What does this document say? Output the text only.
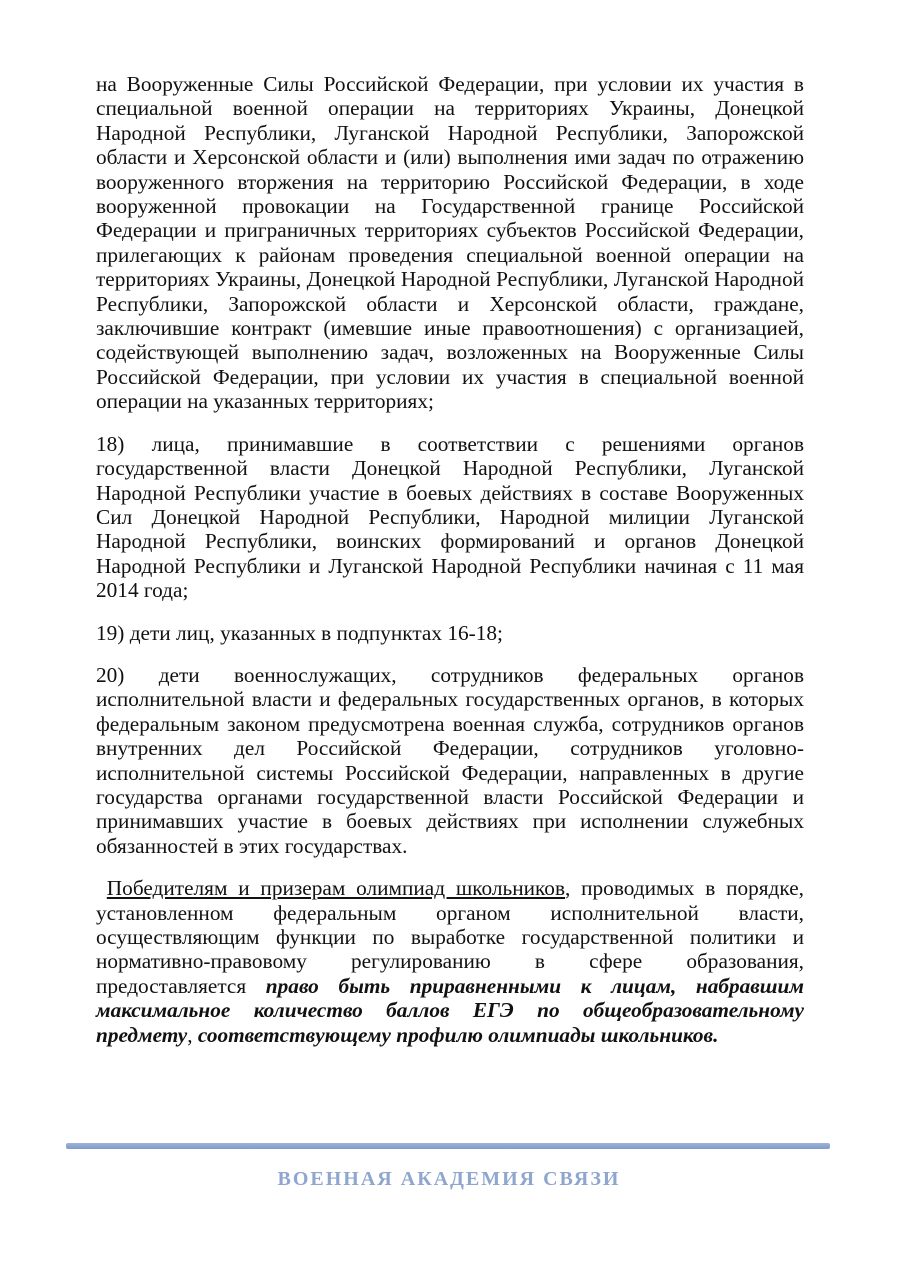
на Вооруженные Силы Российской Федерации, при условии их участия в специальной военной операции на территориях Украины, Донецкой Народной Республики, Луганской Народной Республики, Запорожской области и Херсонской области и (или) выполнения ими задач по отражению вооруженного вторжения на территорию Российской Федерации, в ходе вооруженной провокации на Государственной границе Российской Федерации и приграничных территориях субъектов Российской Федерации, прилегающих к районам проведения специальной военной операции на территориях Украины, Донецкой Народной Республики, Луганской Народной Республики, Запорожской области и Херсонской области, граждане, заключившие контракт (имевшие иные правоотношения) с организацией, содействующей выполнению задач, возложенных на Вооруженные Силы Российской Федерации, при условии их участия в специальной военной операции на указанных территориях;

18) лица, принимавшие в соответствии с решениями органов государственной власти Донецкой Народной Республики, Луганской Народной Республики участие в боевых действиях в составе Вооруженных Сил Донецкой Народной Республики, Народной милиции Луганской Народной Республики, воинских формирований и органов Донецкой Народной Республики и Луганской Народной Республики начиная с 11 мая 2014 года;

19) дети лиц, указанных в подпунктах 16-18;

20) дети военнослужащих, сотрудников федеральных органов исполнительной власти и федеральных государственных органов, в которых федеральным законом предусмотрена военная служба, сотрудников органов внутренних дел Российской Федерации, сотрудников уголовно-исполнительной системы Российской Федерации, направленных в другие государства органами государственной власти Российской Федерации и принимавших участие в боевых действиях при исполнении служебных обязанностей в этих государствах.

Победителям и призерам олимпиад школьников, проводимых в порядке, установленном федеральным органом исполнительной власти, осуществляющим функции по выработке государственной политики и нормативно-правовому регулированию в сфере образования, предоставляется право быть приравненными к лицам, набравшим максимальное количество баллов ЕГЭ по общеобразовательному предмету, соответствующему профилю олимпиады школьников.

ВОЕННАЯ АКАДЕМИЯ СВЯЗИ
